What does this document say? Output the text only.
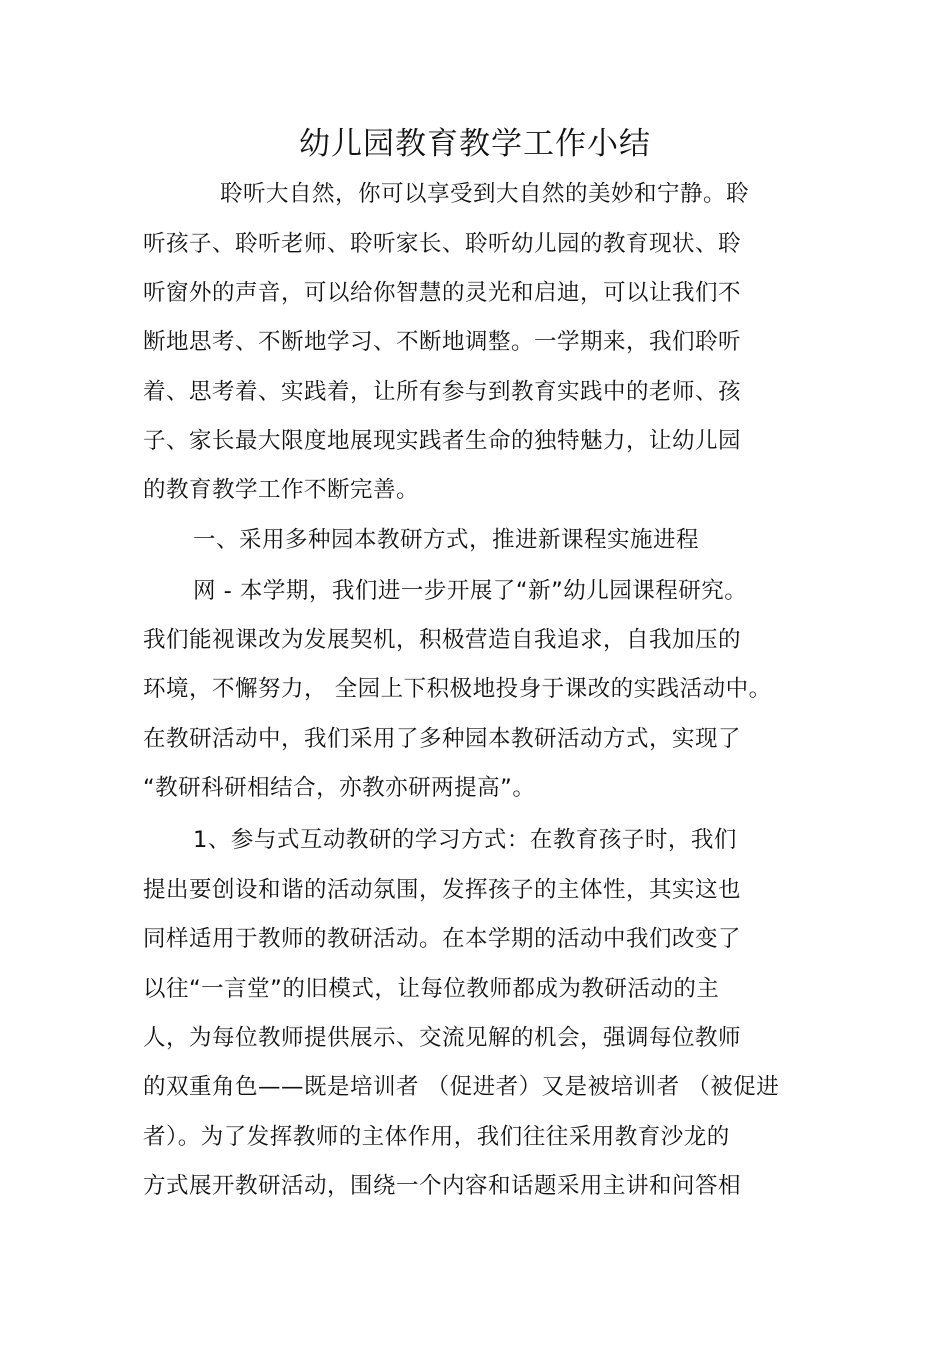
幼儿园教育教学工作小结
聆听大自然，你可以享受到大自然的美妙和宁静。聆
听孩子、聆听老师、聆听家长、聆听幼儿园的教育现状、聆
听窗外的声音，可以给你智慧的灵光和启迪，可以让我们不
断地思考、不断地学习、不断地调整。一学期来，我们聆听
着、思考着、实践着，让所有参与到教育实践中的老师、孩
子、家长最大限度地展现实践者生命的独特魅力，让幼儿园
的教育教学工作不断完善。
一、采用多种园本教研方式，推进新课程实施进程
网 - 本学期，我们进一步开展了“新”幼儿园课程研究。
我们能视课改为发展契机，积极营造自我追求，自我加压的
环境，不懈努力， 全园上下积极地投身于课改的实践活动中。
在教研活动中，我们采用了多种园本教研活动方式，实现了
“教研科研相结合，亦教亦研两提高”。
1、参与式互动教研的学习方式：在教育孩子时，我们
提出要创设和谐的活动氛围，发挥孩子的主体性，其实这也
同样适用于教师的教研活动。在本学期的活动中我们改变了
以往“一言堂”的旧模式，让每位教师都成为教研活动的主
人，为每位教师提供展示、交流见解的机会，强调每位教师
的双重角色——既是培训者 （促进者）又是被培训者 （被促进
者）。为了发挥教师的主体作用，我们往往采用教育沙龙的
方式展开教研活动，围绕一个内容和话题采用主讲和问答相
